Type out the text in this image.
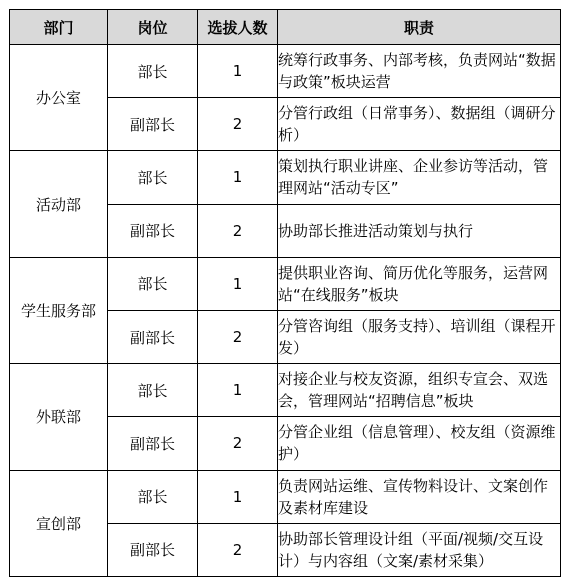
部门	岗位	选拔人数	职责
办公室	部长	1	统筹行政事务、内部考核，负责网站“数据与政策”板块运营
	副部长	2	分管行政组（日常事务）、数据组（调研分析）
活动部	部长	1	策划执行职业讲座、企业参访等活动，管理网站“活动专区”
	副部长	2	协助部长推进活动策划与执行
学生服务部	部长	1	提供职业咨询、简历优化等服务，运营网站“在线服务”板块
	副部长	2	分管咨询组（服务支持）、培训组（课程开发）
外联部	部长	1	对接企业与校友资源，组织专宣会、双选会，管理网站“招聘信息”板块
	副部长	2	分管企业组（信息管理）、校友组（资源维护）
宣创部	部长	1	负责网站运维、宣传物料设计、文案创作及素材库建设
	副部长	2	协助部长管理设计组（平面/视频/交互设计）与内容组（文案/素材采集）
